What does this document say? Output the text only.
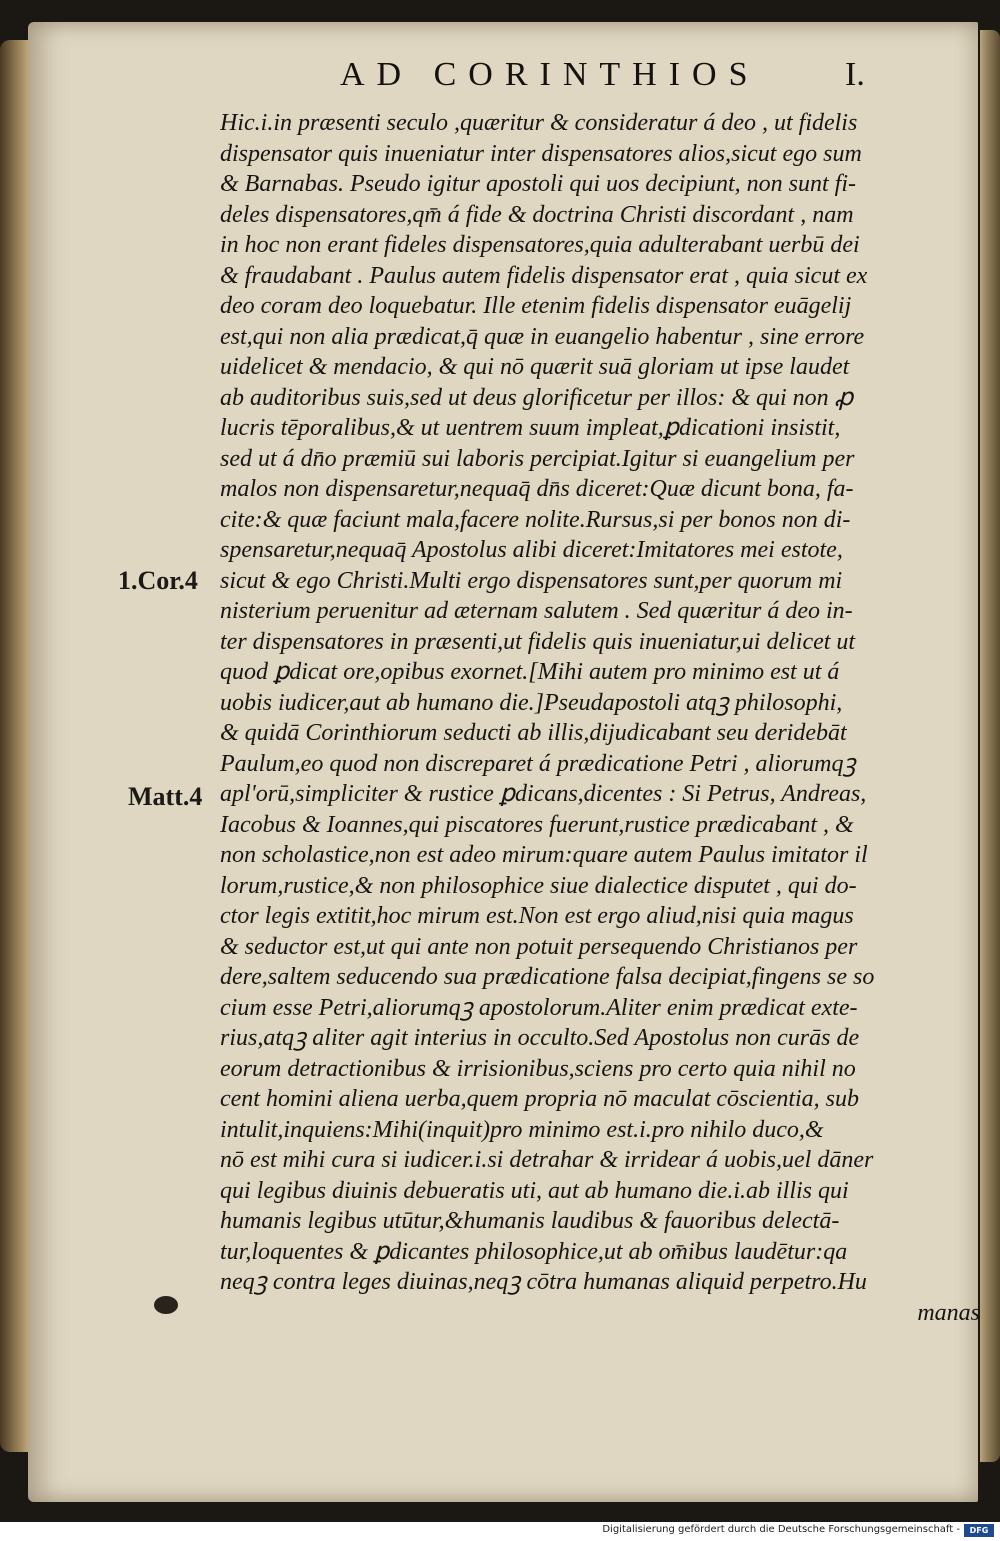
AD CORINTHIOS	I.
1.Cor.4
Matt.4
Hic.i.in præsenti seculo ,quæritur & consideratur á deo , ut fidelis
dispensator quis inueniatur inter dispensatores alios,sicut ego sum
& Barnabas. Pseudo igitur apostoli qui uos decipiunt, non sunt fi-
deles dispensatores,qm̄ á fide & doctrina Christi discordant , nam
in hoc non erant fideles dispensatores,quia adulterabant uerbū dei
& fraudabant . Paulus autem fidelis dispensator erat , quia sicut ex
deo coram deo loquebatur. Ille etenim fidelis dispensator euāgelij
est,qui non alia prædicat,q̄ quæ in euangelio habentur , sine errore
uidelicet & mendacio, & qui nō quærit suā gloriam ut ipse laudet
ab auditoribus suis,sed ut deus glorificetur per illos: & qui non ꝓ
lucris tēporalibus,& ut uentrem suum impleat,ꝑdicationi insistit,
sed ut á dn̄o præmiū sui laboris percipiat.Igitur si euangelium per
malos non dispensaretur,nequaq̄ dn̄s diceret:Quæ dicunt bona, fa-
cite:& quæ faciunt mala,facere nolite.Rursus,si per bonos non di-
spensaretur,nequaq̄ Apostolus alibi diceret:Imitatores mei estote,
sicut & ego Christi.Multi ergo dispensatores sunt,per quorum mi
nisterium peruenitur ad æternam salutem . Sed quæritur á deo in-
ter dispensatores in præsenti,ut fidelis quis inueniatur,ui delicet ut
quod ꝑdicat ore,opibus exornet.[Mihi autem pro minimo est ut á
uobis iudicer,aut ab humano die.]Pseudapostoli atqꝫ philosophi,
& quidā Corinthiorum seducti ab illis,dijudicabant seu deridebāt
Paulum,eo quod non discreparet á prædicatione Petri , aliorumqꝫ
apl'orū,simpliciter & rustice ꝑdicans,dicentes : Si Petrus, Andreas,
Iacobus & Ioannes,qui piscatores fuerunt,rustice prædicabant , &
non scholastice,non est adeo mirum:quare autem Paulus imitator il
lorum,rustice,& non philosophice siue dialectice disputet , qui do-
ctor legis extitit,hoc mirum est.Non est ergo aliud,nisi quia magus
& seductor est,ut qui ante non potuit persequendo Christianos per
dere,saltem seducendo sua prædicatione falsa decipiat,fingens se so
cium esse Petri,aliorumqꝫ apostolorum.Aliter enim prædicat exte-
rius,atqꝫ aliter agit interius in occulto.Sed Apostolus non curās de
eorum detractionibus & irrisionibus,sciens pro certo quia nihil no
cent homini aliena uerba,quem propria nō maculat cōscientia, sub
intulit,inquiens:Mihi(inquit)pro minimo est.i.pro nihilo duco,&
nō est mihi cura si iudicer.i.si detrahar & irridear á uobis,uel dāner
qui legibus diuinis debueratis uti, aut ab humano die.i.ab illis qui
humanis legibus utūtur,&humanis laudibus & fauoribus delectā-
tur,loquentes & ꝑdicantes philosophice,ut ab om̄ibus laudētur:qa
neqꝫ contra leges diuinas,neqꝫ cōtra humanas aliquid perpetro.Hu
manas
Digitalisierung gefördert durch die Deutsche Forschungsgemeinschaft -	DFG
